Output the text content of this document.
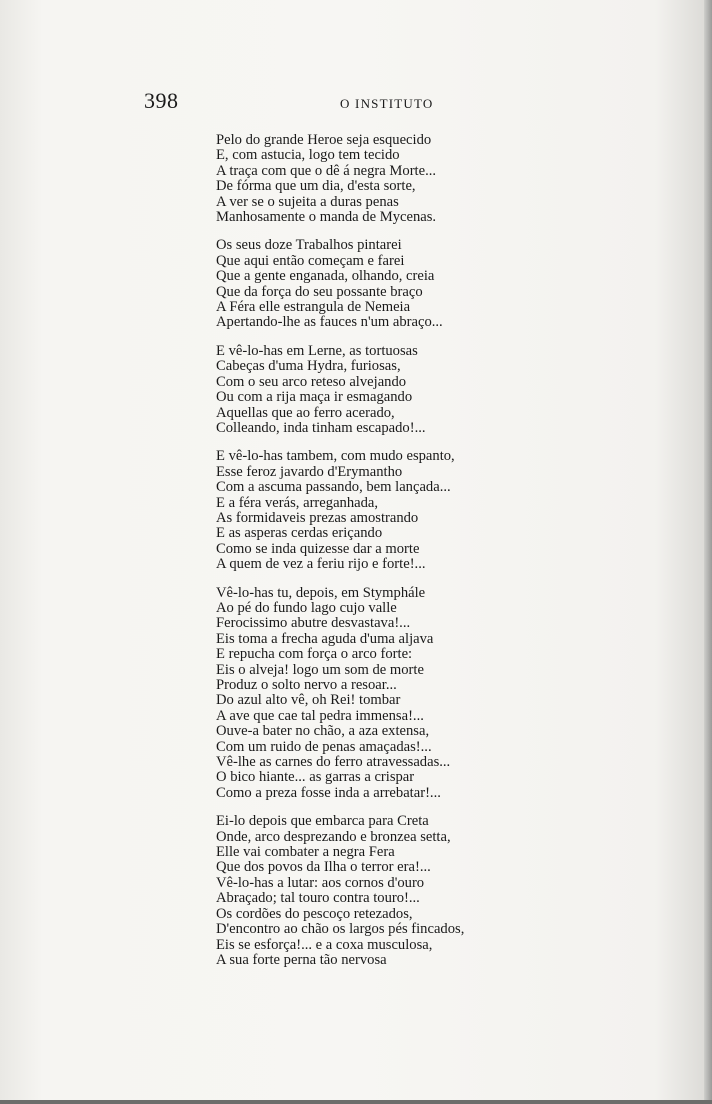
398	O INSTITUTO
Pelo do grande Heroe seja esquecido
E, com astucia, logo tem tecido
A traça com que o dê á negra Morte...
De fórma que um dia, d'esta sorte,
A ver se o sujeita a duras penas
Manhosamente o manda de Mycenas.
Os seus doze Trabalhos pintarei
Que aqui então começam e farei
Que a gente enganada, olhando, creia
Que da força do seu possante braço
A Féra elle estrangula de Nemeia
Apertando-lhe as fauces n'um abraço...
E vê-lo-has em Lerne, as tortuosas
Cabeças d'uma Hydra, furiosas,
Com o seu arco reteso alvejando
Ou com a rija maça ir esmagando
Aquellas que ao ferro acerado,
Colleando, inda tinham escapado!...
E vê-lo-has tambem, com mudo espanto,
Esse feroz javardo d'Erymantho
Com a ascuma passando, bem lançada...
E a féra verás, arreganhada,
As formidaveis prezas amostrando
E as asperas cerdas eriçando
Como se inda quizesse dar a morte
A quem de vez a feriu rijo e forte!...
Vê-lo-has tu, depois, em Stymphále
Ao pé do fundo lago cujo valle
Ferocissimo abutre desvastava!...
Eis toma a frecha aguda d'uma aljava
E repucha com força o arco forte:
Eis o alveja! logo um som de morte
Produz o solto nervo a resoar...
Do azul alto vê, oh Rei! tombar
A ave que cae tal pedra immensa!...
Ouve-a bater no chão, a aza extensa,
Com um ruido de penas amaçadas!...
Vê-lhe as carnes do ferro atravessadas...
O bico hiante... as garras a crispar
Como a preza fosse inda a arrebatar!...
Ei-lo depois que embarca para Creta
Onde, arco desprezando e bronzea setta,
Elle vai combater a negra Fera
Que dos povos da Ilha o terror era!...
Vê-lo-has a lutar: aos cornos d'ouro
Abraçado; tal touro contra touro!...
Os cordões do pescoço retezados,
D'encontro ao chão os largos pés fincados,
Eis se esforça!... e a coxa musculosa,
A sua forte perna tão nervosa
